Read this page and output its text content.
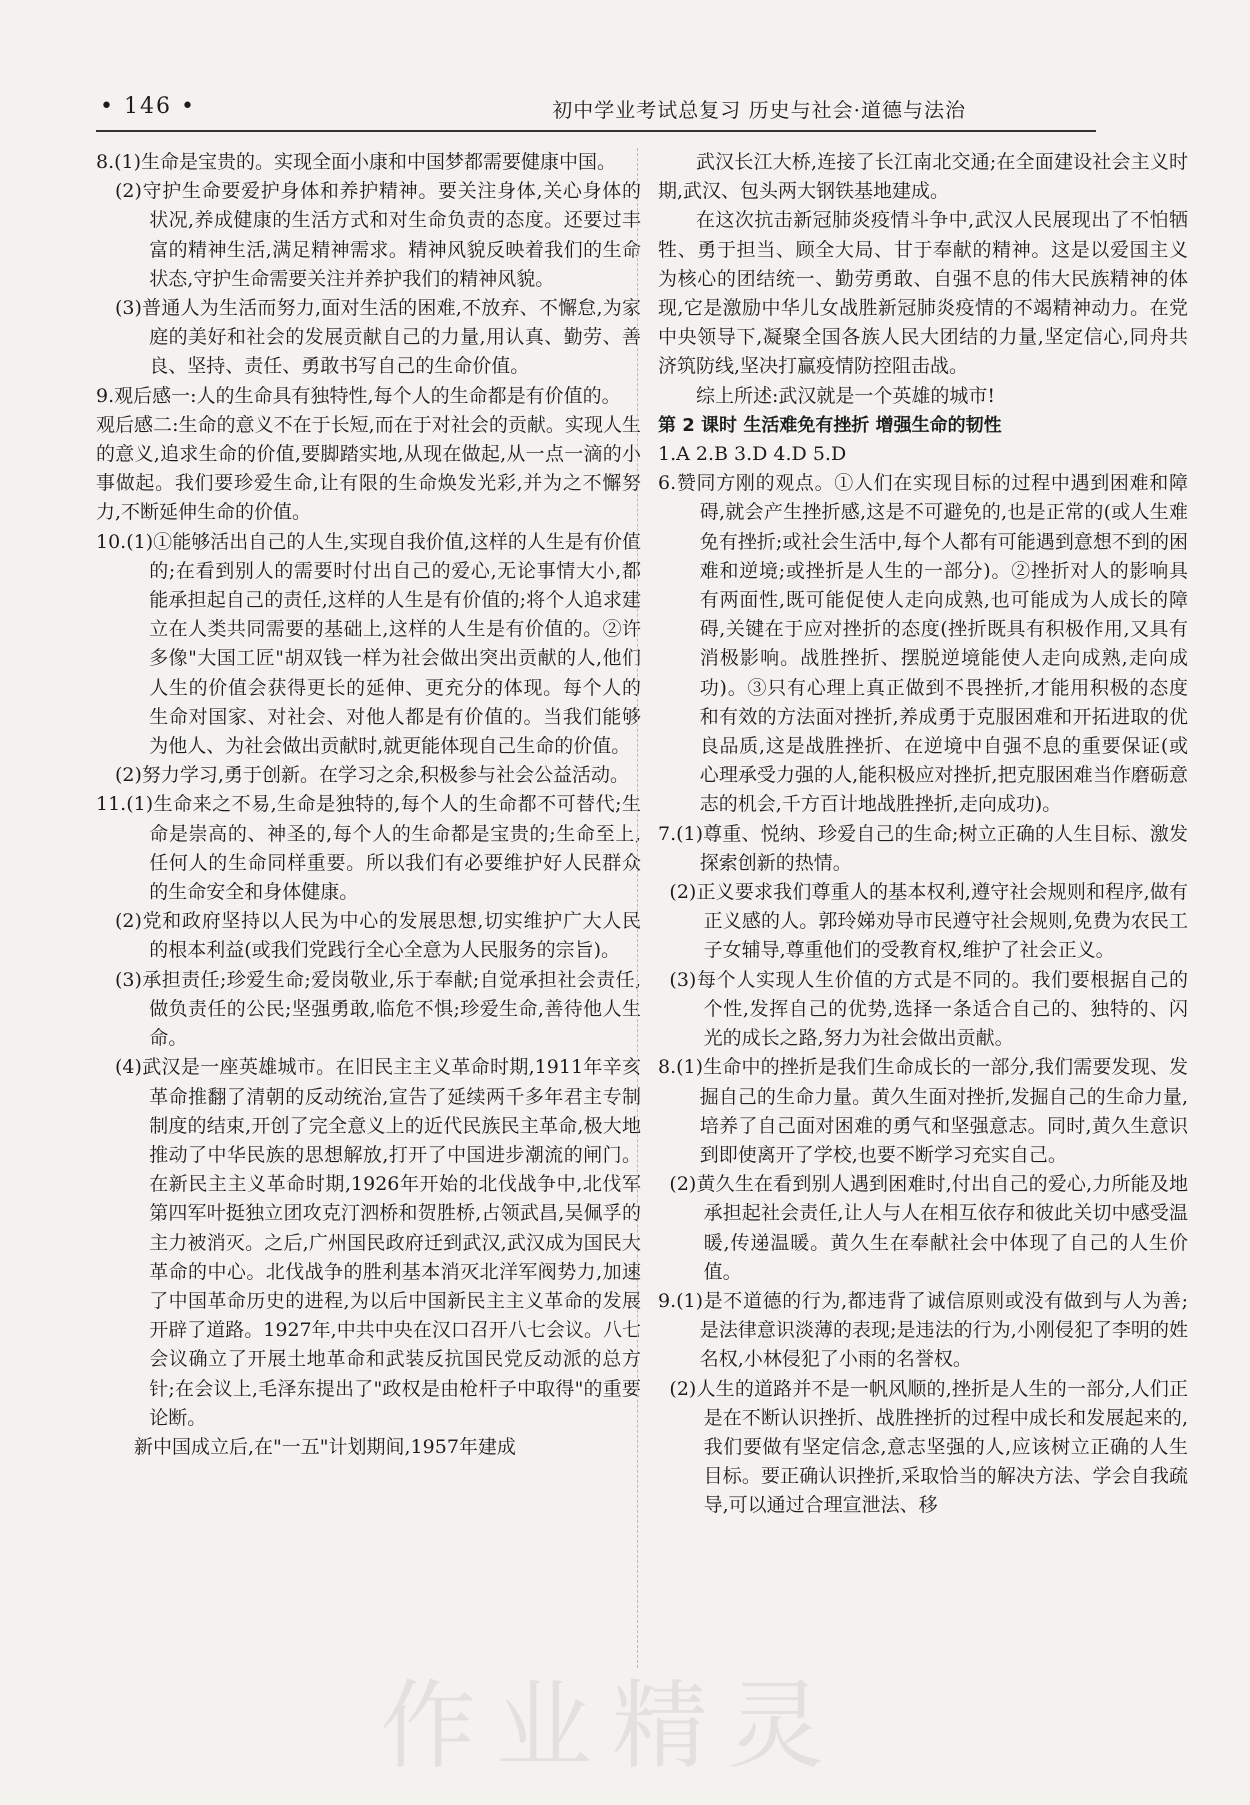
• 146 •	初中学业考试总复习 历史与社会·道德与法治

8.(1)生命是宝贵的。实现全面小康和中国梦都需要健康中国。

(2)守护生命要爱护身体和养护精神。要关注身体,关心身体的状况,养成健康的生活方式和对生命负责的态度。还要过丰富的精神生活,满足精神需求。精神风貌反映着我们的生命状态,守护生命需要关注并养护我们的精神风貌。

(3)普通人为生活而努力,面对生活的困难,不放弃、不懈怠,为家庭的美好和社会的发展贡献自己的力量,用认真、勤劳、善良、坚持、责任、勇敢书写自己的生命价值。

9.观后感一:人的生命具有独特性,每个人的生命都是有价值的。

观后感二:生命的意义不在于长短,而在于对社会的贡献。实现人生的意义,追求生命的价值,要脚踏实地,从现在做起,从一点一滴的小事做起。我们要珍爱生命,让有限的生命焕发光彩,并为之不懈努力,不断延伸生命的价值。

10.(1)①能够活出自己的人生,实现自我价值,这样的人生是有价值的;在看到别人的需要时付出自己的爱心,无论事情大小,都能承担起自己的责任,这样的人生是有价值的;将个人追求建立在人类共同需要的基础上,这样的人生是有价值的。②许多像"大国工匠"胡双钱一样为社会做出突出贡献的人,他们人生的价值会获得更长的延伸、更充分的体现。每个人的生命对国家、对社会、对他人都是有价值的。当我们能够为他人、为社会做出贡献时,就更能体现自己生命的价值。

(2)努力学习,勇于创新。在学习之余,积极参与社会公益活动。

11.(1)生命来之不易,生命是独特的,每个人的生命都不可替代;生命是崇高的、神圣的,每个人的生命都是宝贵的;生命至上,任何人的生命同样重要。所以我们有必要维护好人民群众的生命安全和身体健康。

(2)党和政府坚持以人民为中心的发展思想,切实维护广大人民的根本利益(或我们党践行全心全意为人民服务的宗旨)。

(3)承担责任;珍爱生命;爱岗敬业,乐于奉献;自觉承担社会责任,做负责任的公民;坚强勇敢,临危不惧;珍爱生命,善待他人生命。

(4)武汉是一座英雄城市。在旧民主主义革命时期,1911年辛亥革命推翻了清朝的反动统治,宣告了延续两千多年君主专制制度的结束,开创了完全意义上的近代民族民主革命,极大地推动了中华民族的思想解放,打开了中国进步潮流的闸门。在新民主主义革命时期,1926年开始的北伐战争中,北伐军第四军叶挺独立团攻克汀泗桥和贺胜桥,占领武昌,吴佩孚的主力被消灭。之后,广州国民政府迁到武汉,武汉成为国民大革命的中心。北伐战争的胜利基本消灭北洋军阀势力,加速了中国革命历史的进程,为以后中国新民主主义革命的发展开辟了道路。1927年,中共中央在汉口召开八七会议。八七会议确立了开展土地革命和武装反抗国民党反动派的总方针;在会议上,毛泽东提出了"政权是由枪杆子中取得"的重要论断。

新中国成立后,在"一五"计划期间,1957年建成

武汉长江大桥,连接了长江南北交通;在全面建设社会主义时期,武汉、包头两大钢铁基地建成。

在这次抗击新冠肺炎疫情斗争中,武汉人民展现出了不怕牺牲、勇于担当、顾全大局、甘于奉献的精神。这是以爱国主义为核心的团结统一、勤劳勇敢、自强不息的伟大民族精神的体现,它是激励中华儿女战胜新冠肺炎疫情的不竭精神动力。在党中央领导下,凝聚全国各族人民大团结的力量,坚定信心,同舟共济筑防线,坚决打赢疫情防控阻击战。

综上所述:武汉就是一个英雄的城市!

第 2 课时 生活难免有挫折 增强生命的韧性

1.A 2.B 3.D 4.D 5.D

6.赞同方刚的观点。①人们在实现目标的过程中遇到困难和障碍,就会产生挫折感,这是不可避免的,也是正常的(或人生难免有挫折;或社会生活中,每个人都有可能遇到意想不到的困难和逆境;或挫折是人生的一部分)。②挫折对人的影响具有两面性,既可能促使人走向成熟,也可能成为人成长的障碍,关键在于应对挫折的态度(挫折既具有积极作用,又具有消极影响。战胜挫折、摆脱逆境能使人走向成熟,走向成功)。③只有心理上真正做到不畏挫折,才能用积极的态度和有效的方法面对挫折,养成勇于克服困难和开拓进取的优良品质,这是战胜挫折、在逆境中自强不息的重要保证(或心理承受力强的人,能积极应对挫折,把克服困难当作磨砺意志的机会,千方百计地战胜挫折,走向成功)。

7.(1)尊重、悦纳、珍爱自己的生命;树立正确的人生目标、激发探索创新的热情。

(2)正义要求我们尊重人的基本权利,遵守社会规则和程序,做有正义感的人。郭玲娣劝导市民遵守社会规则,免费为农民工子女辅导,尊重他们的受教育权,维护了社会正义。

(3)每个人实现人生价值的方式是不同的。我们要根据自己的个性,发挥自己的优势,选择一条适合自己的、独特的、闪光的成长之路,努力为社会做出贡献。

8.(1)生命中的挫折是我们生命成长的一部分,我们需要发现、发掘自己的生命力量。黄久生面对挫折,发掘自己的生命力量,培养了自己面对困难的勇气和坚强意志。同时,黄久生意识到即使离开了学校,也要不断学习充实自己。

(2)黄久生在看到别人遇到困难时,付出自己的爱心,力所能及地承担起社会责任,让人与人在相互依存和彼此关切中感受温暖,传递温暖。黄久生在奉献社会中体现了自己的人生价值。

9.(1)是不道德的行为,都违背了诚信原则或没有做到与人为善;是法律意识淡薄的表现;是违法的行为,小刚侵犯了李明的姓名权,小林侵犯了小雨的名誉权。

(2)人生的道路并不是一帆风顺的,挫折是人生的一部分,人们正是在不断认识挫折、战胜挫折的过程中成长和发展起来的,我们要做有坚定信念,意志坚强的人,应该树立正确的人生目标。要正确认识挫折,采取恰当的解决方法、学会自我疏导,可以通过合理宣泄法、移

作业精灵
